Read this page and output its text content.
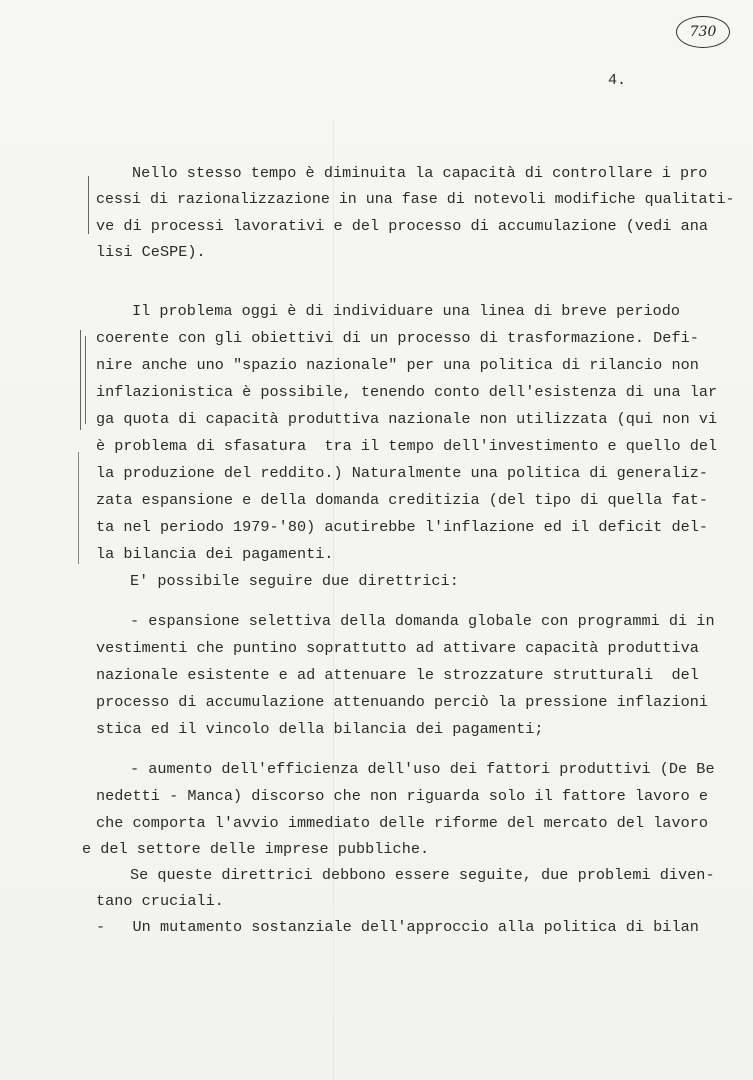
730
4.
Nello stesso tempo è diminuita la capacità di controllare i pro
cessi di razionalizzazione in una fase di notevoli modifiche qualitati-
ve di processi lavorativi e del processo di accumulazione (vedi ana
lisi CeSPE).
Il problema oggi è di individuare una linea di breve periodo
coerente con gli obiettivi di un processo di trasformazione. Defi-
nire anche uno "spazio nazionale" per una politica di rilancio non
inflazionistica è possibile, tenendo conto dell'esistenza di una lar
ga quota di capacità produttiva nazionale non utilizzata (qui non vi
è problema di sfasatura  tra il tempo dell'investimento e quello del
la produzione del reddito.) Naturalmente una politica di generaliz-
zata espansione e della domanda creditizia (del tipo di quella fat-
ta nel periodo 1979-'80) acutirebbe l'inflazione ed il deficit del-
la bilancia dei pagamenti.
E' possibile seguire due direttrici:
- espansione selettiva della domanda globale con programmi di in
vestimenti che puntino soprattutto ad attivare capacità produttiva
nazionale esistente e ad attenuare le strozzature strutturali  del
processo di accumulazione attenuando perciò la pressione inflazioni
stica ed il vincolo della bilancia dei pagamenti;
- aumento dell'efficienza dell'uso dei fattori produttivi (De Be
nedetti - Manca) discorso che non riguarda solo il fattore lavoro e
che comporta l'avvio immediato delle riforme del mercato del lavoro
e del settore delle imprese pubbliche.
Se queste direttrici debbono essere seguite, due problemi diven-
tano cruciali.
-   Un mutamento sostanziale dell'approccio alla politica di bilan
